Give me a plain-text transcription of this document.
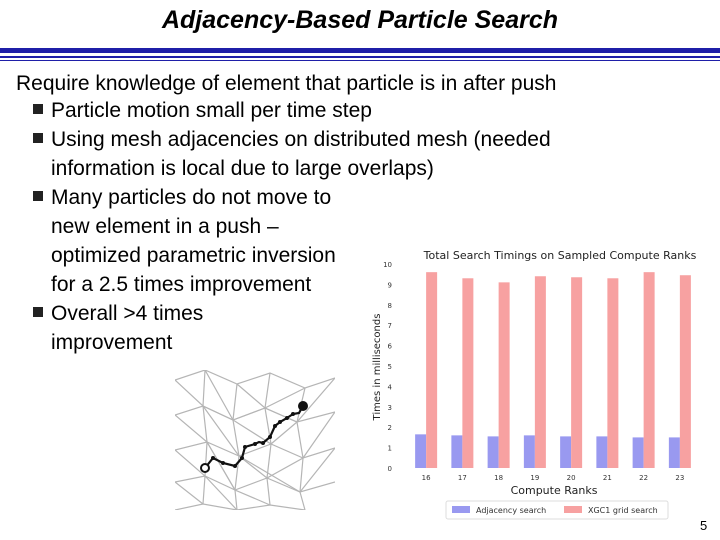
Adjacency-Based Particle Search
Require knowledge of element that particle is in after push
Particle motion small per time step
Using mesh adjacencies on distributed mesh (needed
information is local due to large overlaps)
Many particles do not move to
new element in a push –
optimized parametric inversion
for a 2.5 times improvement
Overall >4 times
improvement
Total Search Timings on Sampled Compute Ranks
Times in milliseconds
Compute Ranks
0
1
2
3
4
5
6
7
8
9
10
16	17	18	19	20	21	22	23
Adjacency search	XGC1 grid search
5
